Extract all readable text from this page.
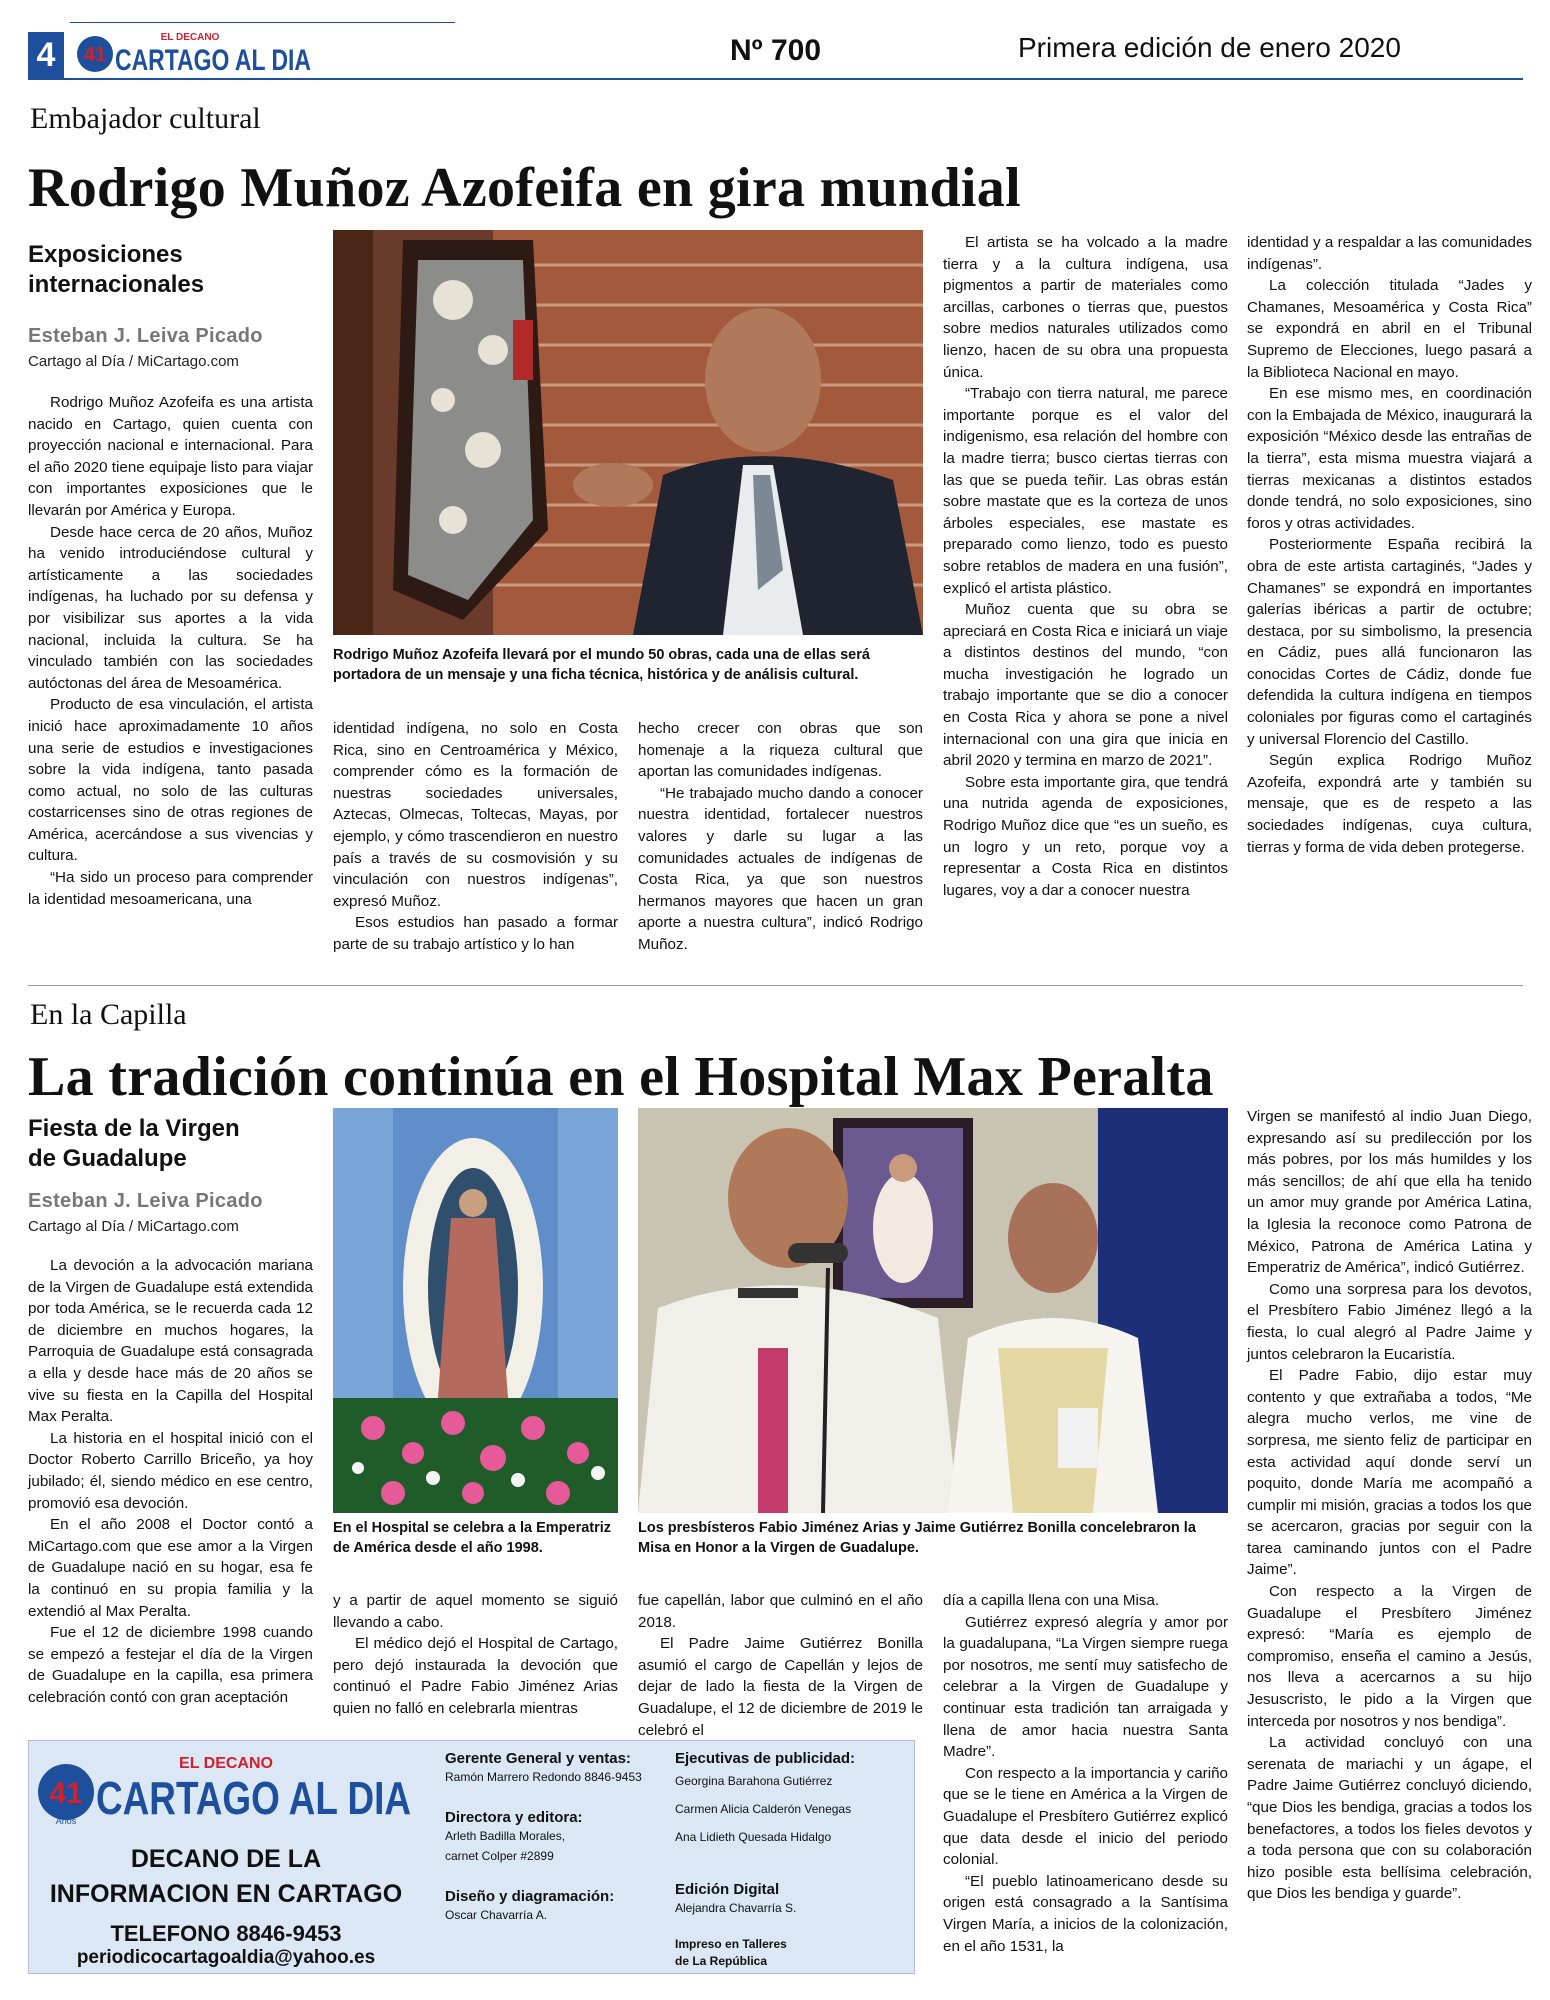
4	41
EL DECANO
CARTAGO AL DIA	Nº 700	Primera edición de enero 2020
Embajador cultural
Rodrigo Muñoz Azofeifa en gira mundial
Exposiciones
internacionales
Esteban J. Leiva Picado
Cartago al Día / MiCartago.com
Rodrigo Muñoz Azofeifa llevará por el mundo 50 obras, cada una de ellas será portadora de un mensaje y una ficha técnica, histórica y de análisis cultural.

Rodrigo Muñoz Azofeifa es una artista nacido en Cartago, quien cuenta con proyección nacional e internacional. Para el año 2020 tiene equipaje listo para viajar con importantes exposiciones que le llevarán por América y Europa.

Desde hace cerca de 20 años, Muñoz ha venido introduciéndose cultural y artísticamente a las sociedades indígenas, ha luchado por su defensa y por visibilizar sus aportes a la vida nacional, incluida la cultura. Se ha vinculado también con las sociedades autóctonas del área de Mesoamérica.

Producto de esa vinculación, el artista inició hace aproximadamente 10 años una serie de estudios e investigaciones sobre la vida indígena, tanto pasada como actual, no solo de las culturas costarricenses sino de otras regiones de América, acercándose a sus vivencias y cultura.

“Ha sido un proceso para comprender la identidad mesoamericana, una

identidad indígena, no solo en Costa Rica, sino en Centroamérica y México, comprender cómo es la formación de nuestras sociedades universales, Aztecas, Olmecas, Toltecas, Mayas, por ejemplo, y cómo trascendieron en nuestro país a través de su cosmovisión y su vinculación con nuestros indígenas”, expresó Muñoz.

Esos estudios han pasado a formar parte de su trabajo artístico y lo han

hecho crecer con obras que son homenaje a la riqueza cultural que aportan las comunidades indígenas.

“He trabajado mucho dando a conocer nuestra identidad, fortalecer nuestros valores y darle su lugar a las comunidades actuales de indígenas de Costa Rica, ya que son nuestros hermanos mayores que hacen un gran aporte a nuestra cultura”, indicó Rodrigo Muñoz.

El artista se ha volcado a la madre tierra y a la cultura indígena, usa pigmentos a partir de materiales como arcillas, carbones o tierras que, puestos sobre medios naturales utilizados como lienzo, hacen de su obra una propuesta única.

“Trabajo con tierra natural, me parece importante porque es el valor del indigenismo, esa relación del hombre con la madre tierra; busco ciertas tierras con las que se pueda teñir. Las obras están sobre mastate que es la corteza de unos árboles especiales, ese mastate es preparado como lienzo, todo es puesto sobre retablos de madera en una fusión”, explicó el artista plástico.

Muñoz cuenta que su obra se apreciará en Costa Rica e iniciará un viaje a distintos destinos del mundo, “con mucha investigación he logrado un trabajo importante que se dio a conocer en Costa Rica y ahora se pone a nivel internacional con una gira que inicia en abril 2020 y termina en marzo de 2021”.

Sobre esta importante gira, que tendrá una nutrida agenda de exposiciones, Rodrigo Muñoz dice que “es un sueño, es un logro y un reto, porque voy a representar a Costa Rica en distintos lugares, voy a dar a conocer nuestra

identidad y a respaldar a las comunidades indígenas”.

La colección titulada “Jades y Chamanes, Mesoamérica y Costa Rica” se expondrá en abril en el Tribunal Supremo de Elecciones, luego pasará a la Biblioteca Nacional en mayo.

En ese mismo mes, en coordinación con la Embajada de México, inaugurará la exposición “México desde las entrañas de la tierra”, esta misma muestra viajará a tierras mexicanas a distintos estados donde tendrá, no solo exposiciones, sino foros y otras actividades.

Posteriormente España recibirá la obra de este artista cartaginés, “Jades y Chamanes” se expondrá en importantes galerías ibéricas a partir de octubre; destaca, por su simbolismo, la presencia en Cádiz, pues allá funcionaron las conocidas Cortes de Cádiz, donde fue defendida la cultura indígena en tiempos coloniales por figuras como el cartaginés y universal Florencio del Castillo.

Según explica Rodrigo Muñoz Azofeifa, expondrá arte y también su mensaje, que es de respeto a las sociedades indígenas, cuya cultura, tierras y forma de vida deben protegerse.

En la Capilla
La tradición continúa en el Hospital Max Peralta
Fiesta de la Virgen
de Guadalupe
Esteban J. Leiva Picado
Cartago al Día / MiCartago.com
En el Hospital se celebra a la Emperatriz de América desde el año 1998.
Los presbísteros Fabio Jiménez Arias y Jaime Gutiérrez Bonilla concelebraron la Misa en Honor a la Virgen de Guadalupe.

La devoción a la advocación mariana de la Virgen de Guadalupe está extendida por toda América, se le recuerda cada 12 de diciembre en muchos hogares, la Parroquia de Guadalupe está consagrada a ella y desde hace más de 20 años se vive su fiesta en la Capilla del Hospital Max Peralta.

La historia en el hospital inició con el Doctor Roberto Carrillo Briceño, ya hoy jubilado; él, siendo médico en ese centro, promovió esa devoción.

En el año 2008 el Doctor contó a MiCartago.com que ese amor a la Virgen de Guadalupe nació en su hogar, esa fe la continuó en su propia familia y la extendió al Max Peralta.

Fue el 12 de diciembre 1998 cuando se empezó a festejar el día de la Virgen de Guadalupe en la capilla, esa primera celebración contó con gran aceptación

y a partir de aquel momento se siguió llevando a cabo.

El médico dejó el Hospital de Cartago, pero dejó instaurada la devoción que continuó el Padre Fabio Jiménez Arias quien no falló en celebrarla mientras

fue capellán, labor que culminó en el año 2018.

El Padre Jaime Gutiérrez Bonilla asumió el cargo de Capellán y lejos de dejar de lado la fiesta de la Virgen de Guadalupe, el 12 de diciembre de 2019 le celebró el

día a capilla llena con una Misa.

Gutiérrez expresó alegría y amor por la guadalupana, “La Virgen siempre ruega por nosotros, me sentí muy satisfecho de celebrar a la Virgen de Guadalupe y continuar esta tradición tan arraigada y llena de amor hacia nuestra Santa Madre”.

Con respecto a la importancia y cariño que se le tiene en América a la Virgen de Guadalupe el Presbítero Gutiérrez explicó que data desde el inicio del periodo colonial.

“El pueblo latinoamericano desde su origen está consagrado a la Santísima Virgen María, a inicios de la colonización, en el año 1531, la

Virgen se manifestó al indio Juan Diego, expresando así su predilección por los más pobres, por los más humildes y los más sencillos; de ahí que ella ha tenido un amor muy grande por América Latina, la Iglesia la reconoce como Patrona de México, Patrona de América Latina y Emperatriz de América”, indicó Gutiérrez.

Como una sorpresa para los devotos, el Presbítero Fabio Jiménez llegó a la fiesta, lo cual alegró al Padre Jaime y juntos celebraron la Eucaristía.

El Padre Fabio, dijo estar muy contento y que extrañaba a todos, “Me alegra mucho verlos, me vine de sorpresa, me siento feliz de participar en esta actividad aquí donde serví un poquito, donde María me acompañó a cumplir mi misión, gracias a todos los que se acercaron, gracias por seguir con la tarea caminando juntos con el Padre Jaime”.

Con respecto a la Virgen de Guadalupe el Presbítero Jiménez expresó: “María es ejemplo de compromiso, enseña el camino a Jesús, nos lleva a acercarnos a su hijo Jesuscristo, le pido a la Virgen que interceda por nosotros y nos bendiga”.

La actividad concluyó con una serenata de mariachi y un ágape, el Padre Jaime Gutiérrez concluyó diciendo, “que Dios les bendiga, gracias a todos los benefactores, a todos los fieles devotos y a toda persona que con su colaboración hizo posible esta bellísima celebración, que Dios les bendiga y guarde”.

41
Años
EL DECANO
CARTAGO AL DIA
DECANO DE LA
INFORMACION EN CARTAGO
TELEFONO 8846-9453
periodicocartagoaldia@yahoo.es
Gerente General y ventas:
Ramón Marrero Redondo 8846-9453
Directora y editora:
Arleth Badilla Morales,
carnet Colper #2899
Diseño y diagramación:
Oscar Chavarría A.
Ejecutivas de publicidad:
Georgina Barahona Gutiérrez
Carmen Alicia Calderón Venegas
Ana Lidieth Quesada Hidalgo
Edición Digital
Alejandra Chavarría S.
Impreso en Talleres
de La República
